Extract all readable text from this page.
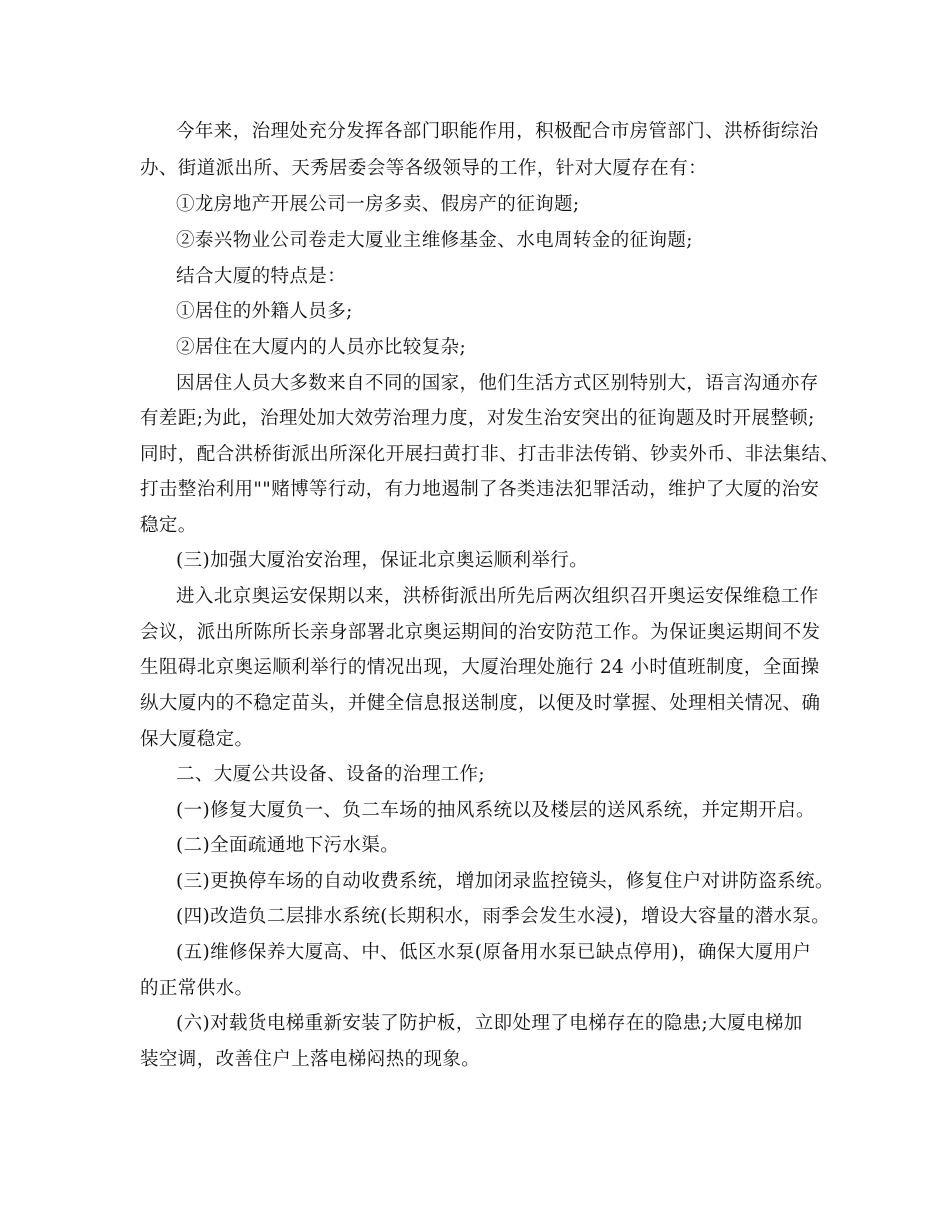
今年来，治理处充分发挥各部门职能作用，积极配合市房管部门、洪桥街综治
办、街道派出所、天秀居委会等各级领导的工作，针对大厦存在有：
①龙房地产开展公司一房多卖、假房产的征询题;
②泰兴物业公司卷走大厦业主维修基金、水电周转金的征询题;
结合大厦的特点是：
①居住的外籍人员多;
②居住在大厦内的人员亦比较复杂;
因居住人员大多数来自不同的国家，他们生活方式区别特别大，语言沟通亦存
有差距;为此，治理处加大效劳治理力度，对发生治安突出的征询题及时开展整顿;
同时，配合洪桥街派出所深化开展扫黄打非、打击非法传销、钞卖外币、非法集结、
打击整治利用""赌博等行动，有力地遏制了各类违法犯罪活动，维护了大厦的治安
稳定。
(三)加强大厦治安治理，保证北京奥运顺利举行。
进入北京奥运安保期以来，洪桥街派出所先后两次组织召开奥运安保维稳工作
会议，派出所陈所长亲身部署北京奥运期间的治安防范工作。为保证奥运期间不发
生阻碍北京奥运顺利举行的情况出现，大厦治理处施行 24 小时值班制度，全面操
纵大厦内的不稳定苗头，并健全信息报送制度，以便及时掌握、处理相关情况、确
保大厦稳定。
二、大厦公共设备、设备的治理工作;
(一)修复大厦负一、负二车场的抽风系统以及楼层的送风系统，并定期开启。
(二)全面疏通地下污水渠。
(三)更换停车场的自动收费系统，增加闭录监控镜头，修复住户对讲防盗系统。
(四)改造负二层排水系统(长期积水，雨季会发生水浸)，增设大容量的潜水泵。
(五)维修保养大厦高、中、低区水泵(原备用水泵已缺点停用)，确保大厦用户
的正常供水。
(六)对载货电梯重新安装了防护板，立即处理了电梯存在的隐患;大厦电梯加
装空调，改善住户上落电梯闷热的现象。
